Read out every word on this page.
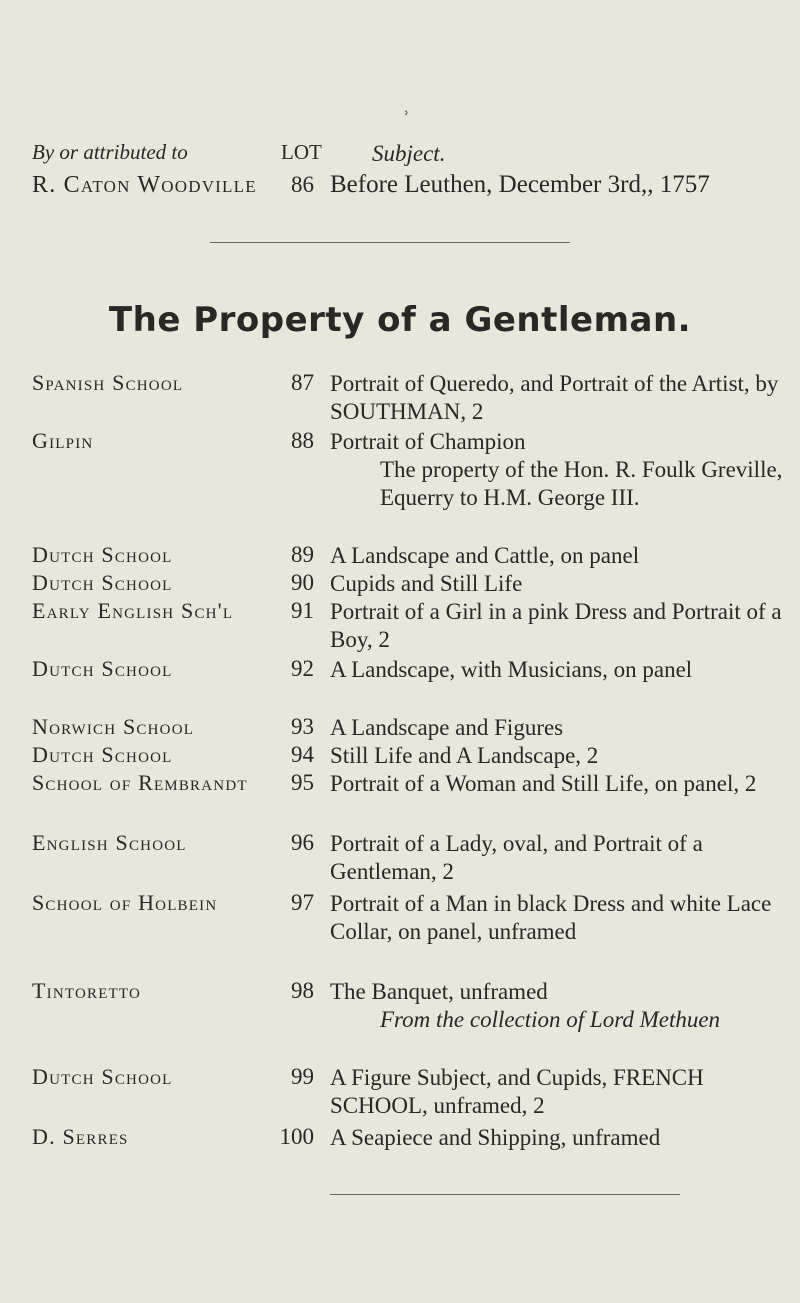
ʾ
By or attributed to	LOT Subject.
R. Caton Woodville	86 Before Leuthen, December 3rd,, 1757
The Property of a Gentleman.
Spanish School	87 Portrait of Queredo, and Portrait of the Artist, by SOUTHMAN, 2
Gilpin	88 Portrait of Champion
The property of the Hon. R. Foulk Greville, Equerry to H.M. George III.
Dutch School	89 A Landscape and Cattle, on panel
Dutch School	90 Cupids and Still Life
Early English Sch'l	91 Portrait of a Girl in a pink Dress and Portrait of a Boy, 2
Dutch School	92 A Landscape, with Musicians, on panel
Norwich School	93 A Landscape and Figures
Dutch School	94 Still Life and A Landscape, 2
School of Rembrandt	95 Portrait of a Woman and Still Life, on panel, 2
English School	96 Portrait of a Lady, oval, and Portrait of a Gentleman, 2
School of Holbein	97 Portrait of a Man in black Dress and white Lace Collar, on panel, unframed
Tintoretto	98 The Banquet, unframed
From the collection of Lord Methuen
Dutch School	99 A Figure Subject, and Cupids, FRENCH SCHOOL, unframed, 2
D. Serres	100 A Seapiece and Shipping, unframed
